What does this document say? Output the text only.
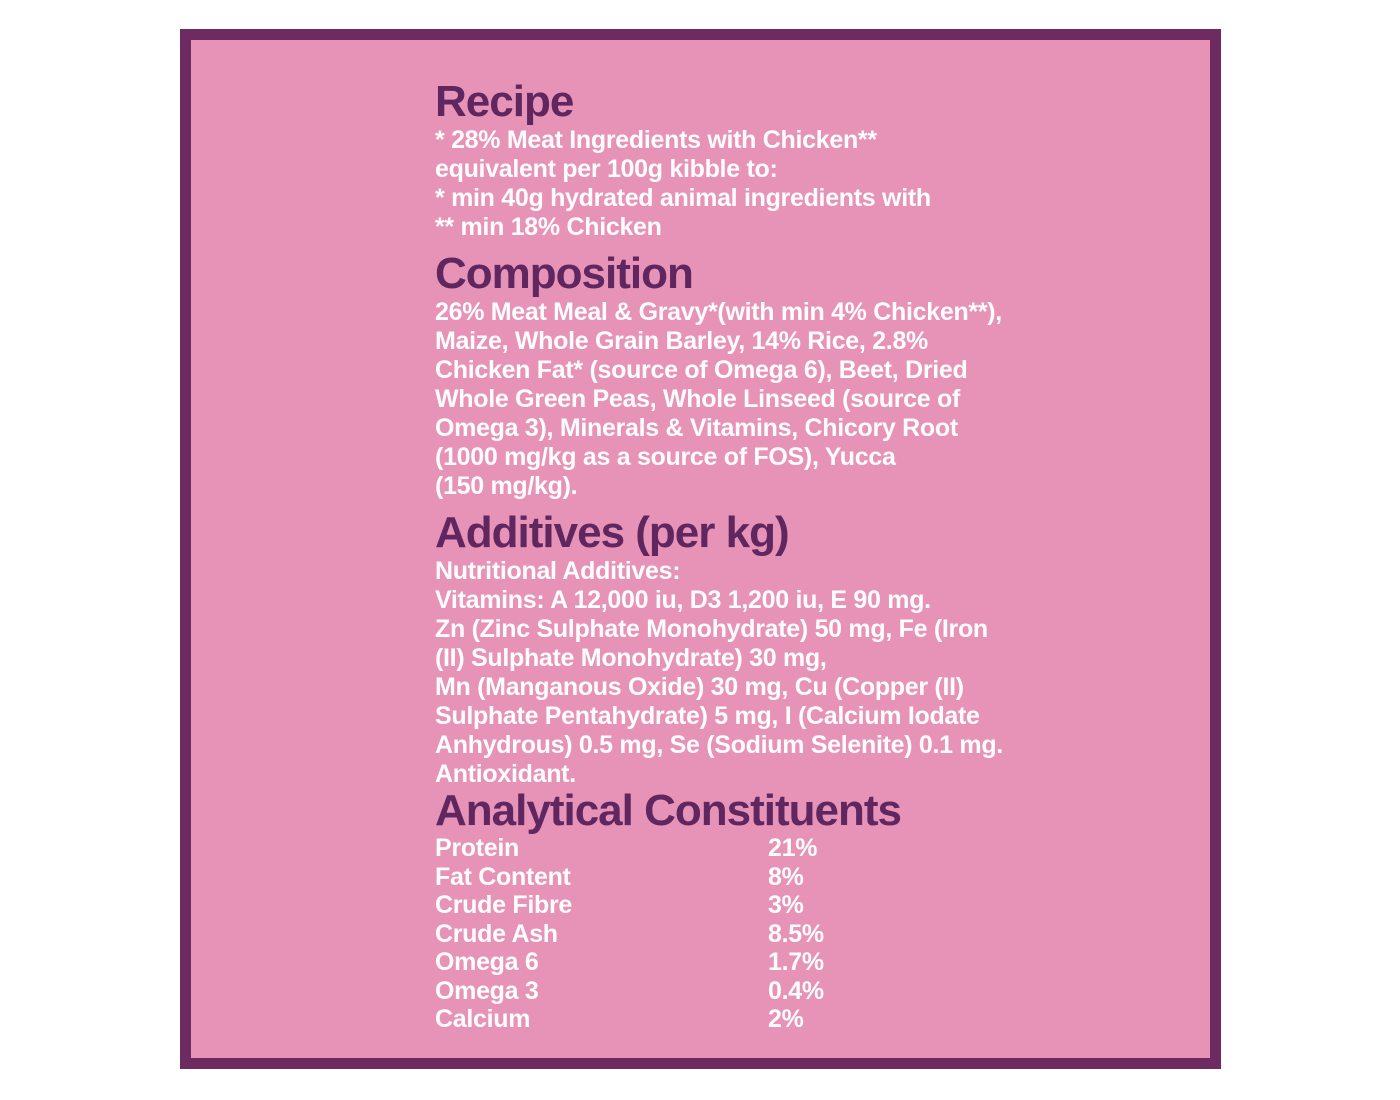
Recipe
* 28% Meat Ingredients with Chicken**
equivalent per 100g kibble to:
* min 40g hydrated animal ingredients with
** min 18% Chicken
Composition
26% Meat Meal & Gravy*(with min 4% Chicken**),
Maize, Whole Grain Barley, 14% Rice, 2.8%
Chicken Fat* (source of Omega 6), Beet, Dried
Whole Green Peas, Whole Linseed (source of
Omega 3), Minerals & Vitamins, Chicory Root
(1000 mg/kg as a source of FOS), Yucca
(150 mg/kg).
Additives (per kg)
Nutritional Additives:
Vitamins: A 12,000 iu, D3 1,200 iu, E 90 mg.
Zn (Zinc Sulphate Monohydrate) 50 mg, Fe (Iron
(II) Sulphate Monohydrate) 30 mg,
Mn (Manganous Oxide) 30 mg, Cu (Copper (II)
Sulphate Pentahydrate) 5 mg, I (Calcium Iodate
Anhydrous) 0.5 mg, Se (Sodium Selenite) 0.1 mg.
Antioxidant.
Analytical Constituents
Protein	21%
Fat Content	8%
Crude Fibre	3%
Crude Ash	8.5%
Omega 6	1.7%
Omega 3	0.4%
Calcium	2%
